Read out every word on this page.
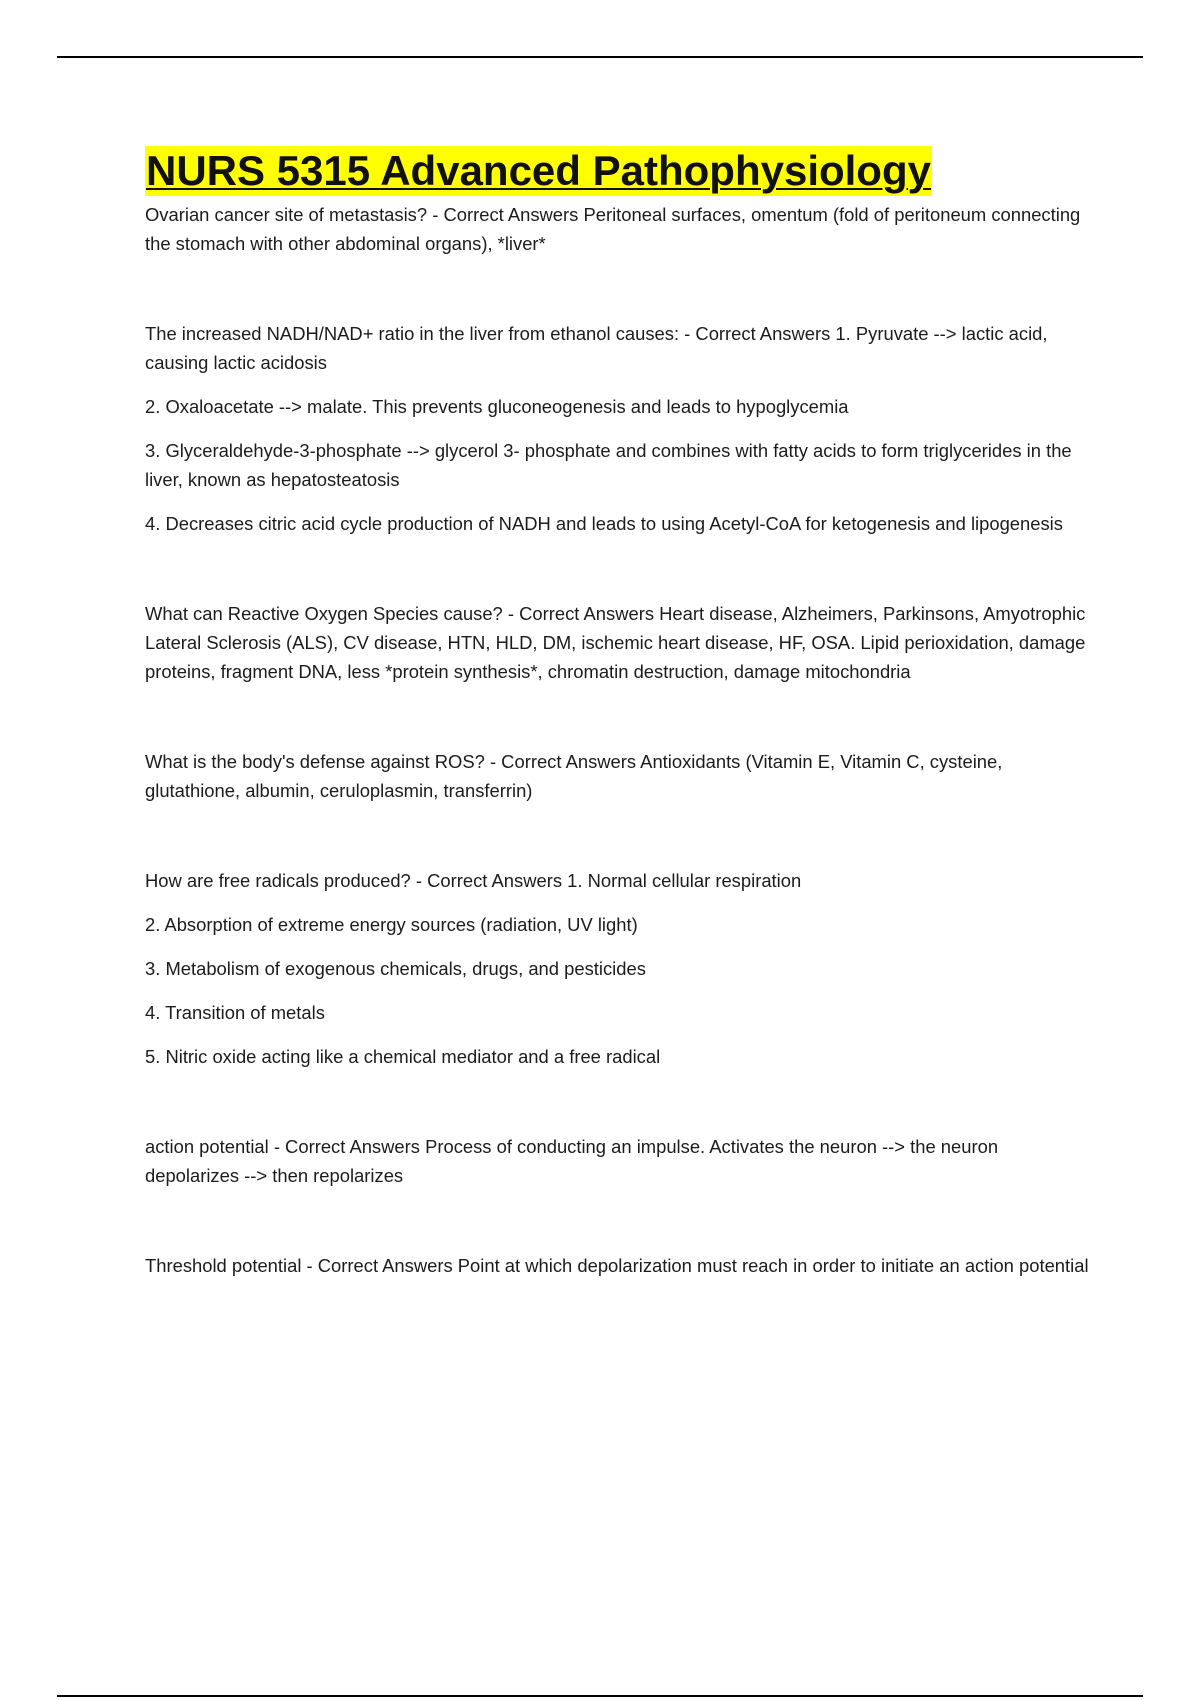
NURS 5315 Advanced Pathophysiology

Ovarian cancer site of metastasis? - Correct Answers Peritoneal surfaces, omentum (fold of peritoneum connecting the stomach with other abdominal organs), *liver*

The increased NADH/NAD+ ratio in the liver from ethanol causes: - Correct Answers 1. Pyruvate --> lactic acid, causing lactic acidosis

2. Oxaloacetate --> malate. This prevents gluconeogenesis and leads to hypoglycemia

3. Glyceraldehyde-3-phosphate --> glycerol 3- phosphate and combines with fatty acids to form triglycerides in the liver, known as hepatosteatosis

4. Decreases citric acid cycle production of NADH and leads to using Acetyl-CoA for ketogenesis and lipogenesis

What can Reactive Oxygen Species cause? - Correct Answers Heart disease, Alzheimers, Parkinsons, Amyotrophic Lateral Sclerosis (ALS), CV disease, HTN, HLD, DM, ischemic heart disease, HF, OSA. Lipid perioxidation, damage proteins, fragment DNA, less *protein synthesis*, chromatin destruction, damage mitochondria

What is the body's defense against ROS? - Correct Answers Antioxidants (Vitamin E, Vitamin C, cysteine, glutathione, albumin, ceruloplasmin, transferrin)

How are free radicals produced? - Correct Answers 1. Normal cellular respiration

2. Absorption of extreme energy sources (radiation, UV light)

3. Metabolism of exogenous chemicals, drugs, and pesticides

4. Transition of metals

5. Nitric oxide acting like a chemical mediator and a free radical

action potential - Correct Answers Process of conducting an impulse. Activates the neuron --> the neuron depolarizes --> then repolarizes

Threshold potential - Correct Answers Point at which depolarization must reach in order to initiate an action potential
